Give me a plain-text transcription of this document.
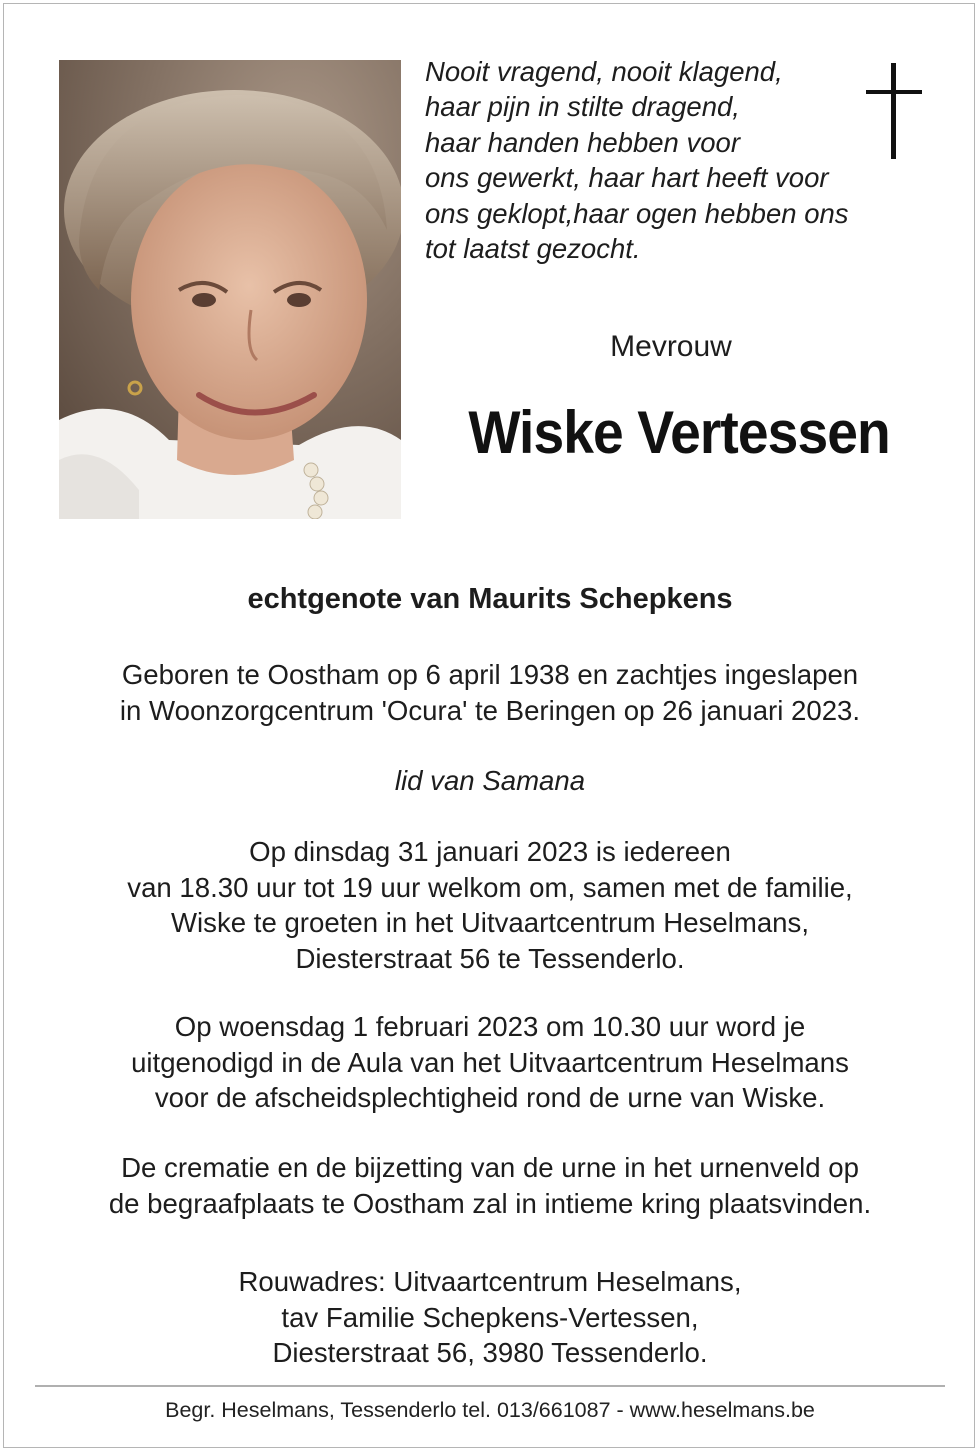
Nooit vragend, nooit klagend,
haar pijn in stilte dragend,
haar handen hebben voor
ons gewerkt, haar hart heeft voor
ons geklopt,haar ogen hebben ons
tot laatst gezocht.
Mevrouw
Wiske Vertessen
echtgenote van Maurits Schepkens
Geboren te Oostham op 6 april 1938 en zachtjes ingeslapen
in Woonzorgcentrum 'Ocura' te Beringen op 26 januari 2023.
lid van Samana
Op dinsdag 31 januari 2023 is iedereen
van 18.30 uur tot 19 uur welkom om, samen met de familie,
Wiske te groeten in het Uitvaartcentrum Heselmans,
Diesterstraat 56 te Tessenderlo.
Op woensdag 1 februari 2023 om 10.30 uur word je
uitgenodigd in de Aula van het Uitvaartcentrum Heselmans
voor de afscheidsplechtigheid rond de urne van Wiske.
De crematie en de bijzetting van de urne in het urnenveld op
de begraafplaats te Oostham zal in intieme kring plaatsvinden.
Rouwadres: Uitvaartcentrum Heselmans,
tav Familie Schepkens-Vertessen,
Diesterstraat 56, 3980 Tessenderlo.
Begr. Heselmans, Tessenderlo tel. 013/661087 - www.heselmans.be
